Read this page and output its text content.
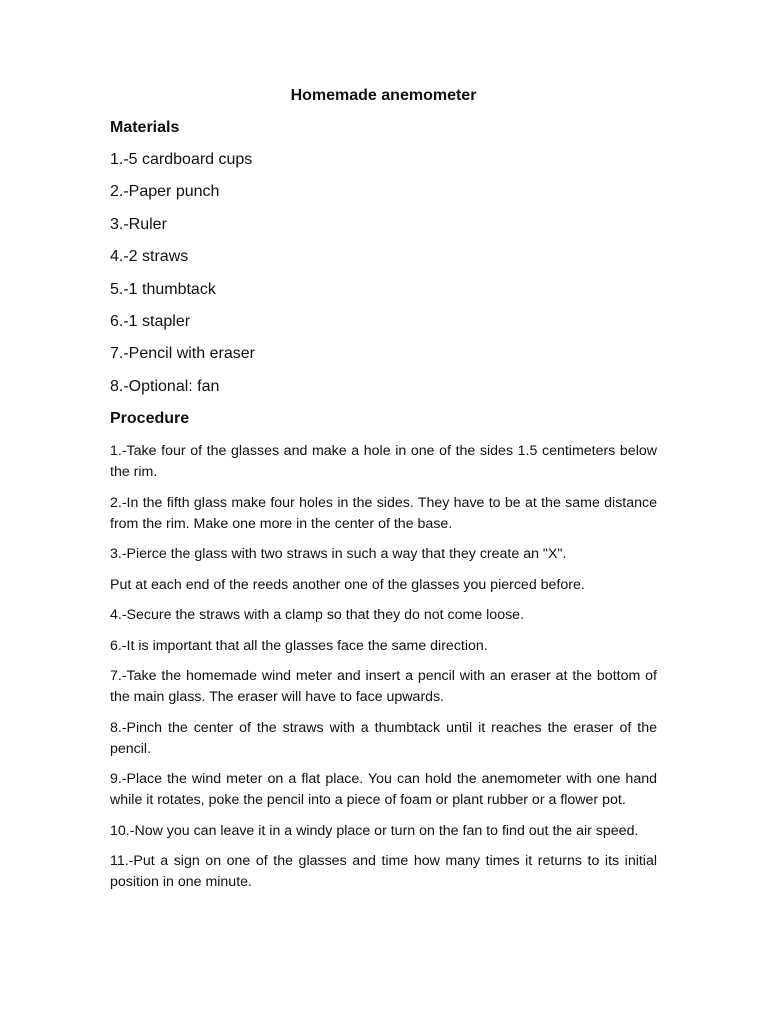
Homemade anemometer
Materials
1.-5 cardboard cups
2.-Paper punch
3.-Ruler
4.-2 straws
5.-1 thumbtack
6.-1 stapler
7.-Pencil with eraser
8.-Optional: fan
Procedure
1.-Take four of the glasses and make a hole in one of the sides 1.5 centimeters below the rim.
2.-In the fifth glass make four holes in the sides. They have to be at the same distance from the rim. Make one more in the center of the base.
3.-Pierce the glass with two straws in such a way that they create an "X".
Put at each end of the reeds another one of the glasses you pierced before.
4.-Secure the straws with a clamp so that they do not come loose.
6.-It is important that all the glasses face the same direction.
7.-Take the homemade wind meter and insert a pencil with an eraser at the bottom of the main glass. The eraser will have to face upwards.
8.-Pinch the center of the straws with a thumbtack until it reaches the eraser of the pencil.
9.-Place the wind meter on a flat place. You can hold the anemometer with one hand while it rotates, poke the pencil into a piece of foam or plant rubber or a flower pot.
10.-Now you can leave it in a windy place or turn on the fan to find out the air speed.
11.-Put a sign on one of the glasses and time how many times it returns to its initial position in one minute.
